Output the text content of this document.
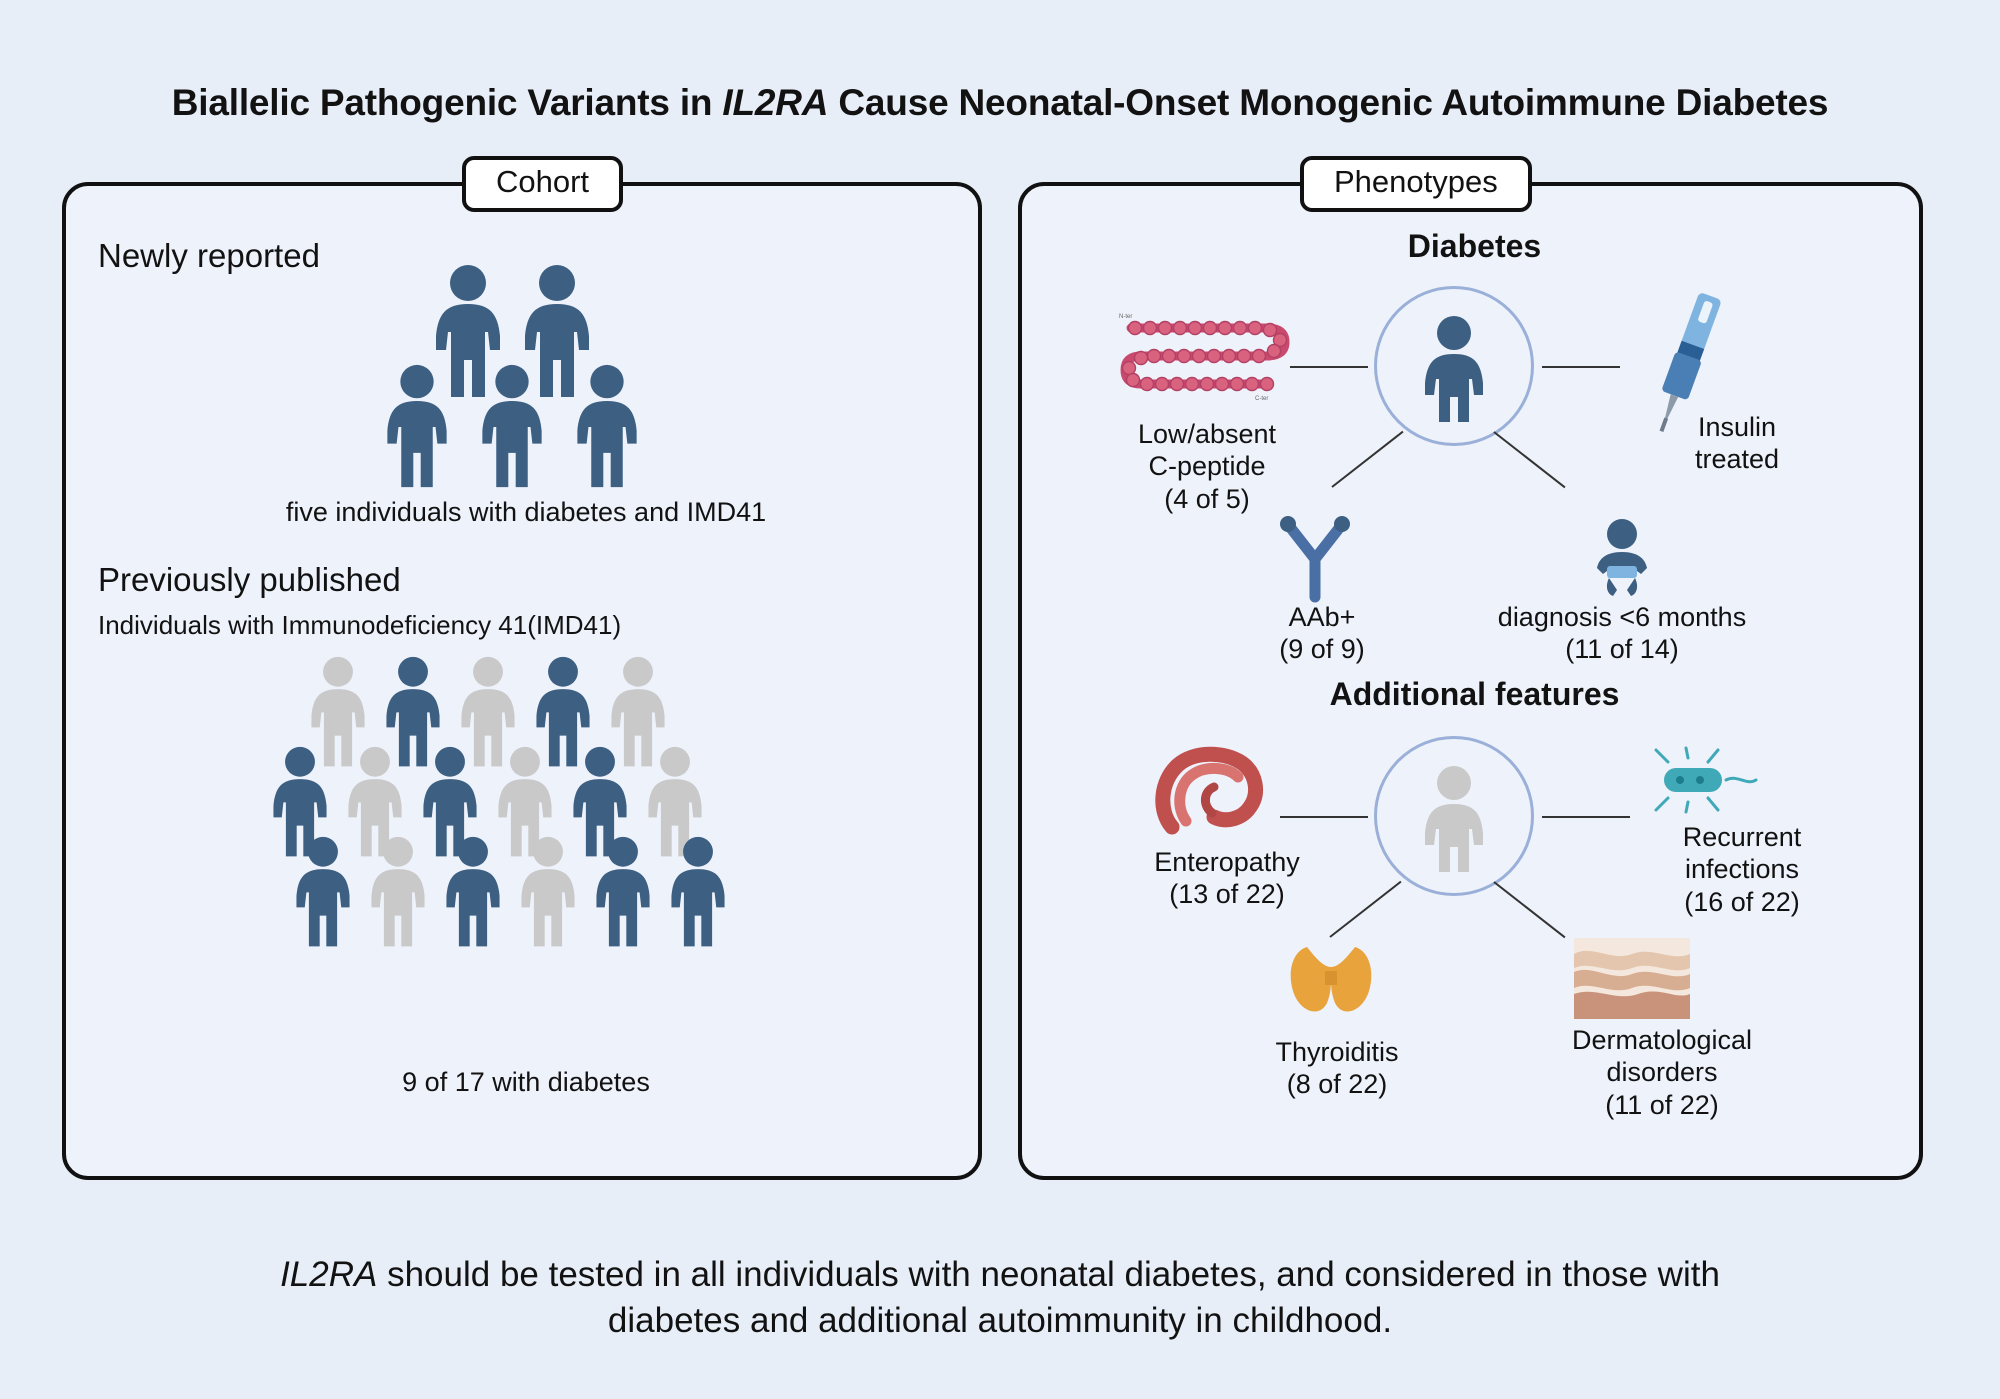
Biallelic Pathogenic Variants in IL2RA Cause Neonatal-Onset Monogenic Autoimmune Diabetes
Cohort
Newly reported
five individuals with diabetes and IMD41
Previously published
Individuals with Immunodeficiency 41(IMD41)
9 of 17 with diabetes
Phenotypes
Diabetes
N-ter
C-ter
Low/absent
C-peptide
(4 of 5)
Insulin
treated
AAb+
(9 of 9)
diagnosis <6 months
(11 of 14)
Additional features
Enteropathy
(13 of 22)
Recurrent
infections
(16 of 22)
Thyroiditis
(8 of 22)
Dermatological
disorders
(11 of 22)
IL2RA should be tested in all individuals with neonatal diabetes, and considered in those with
diabetes and additional autoimmunity in childhood.
